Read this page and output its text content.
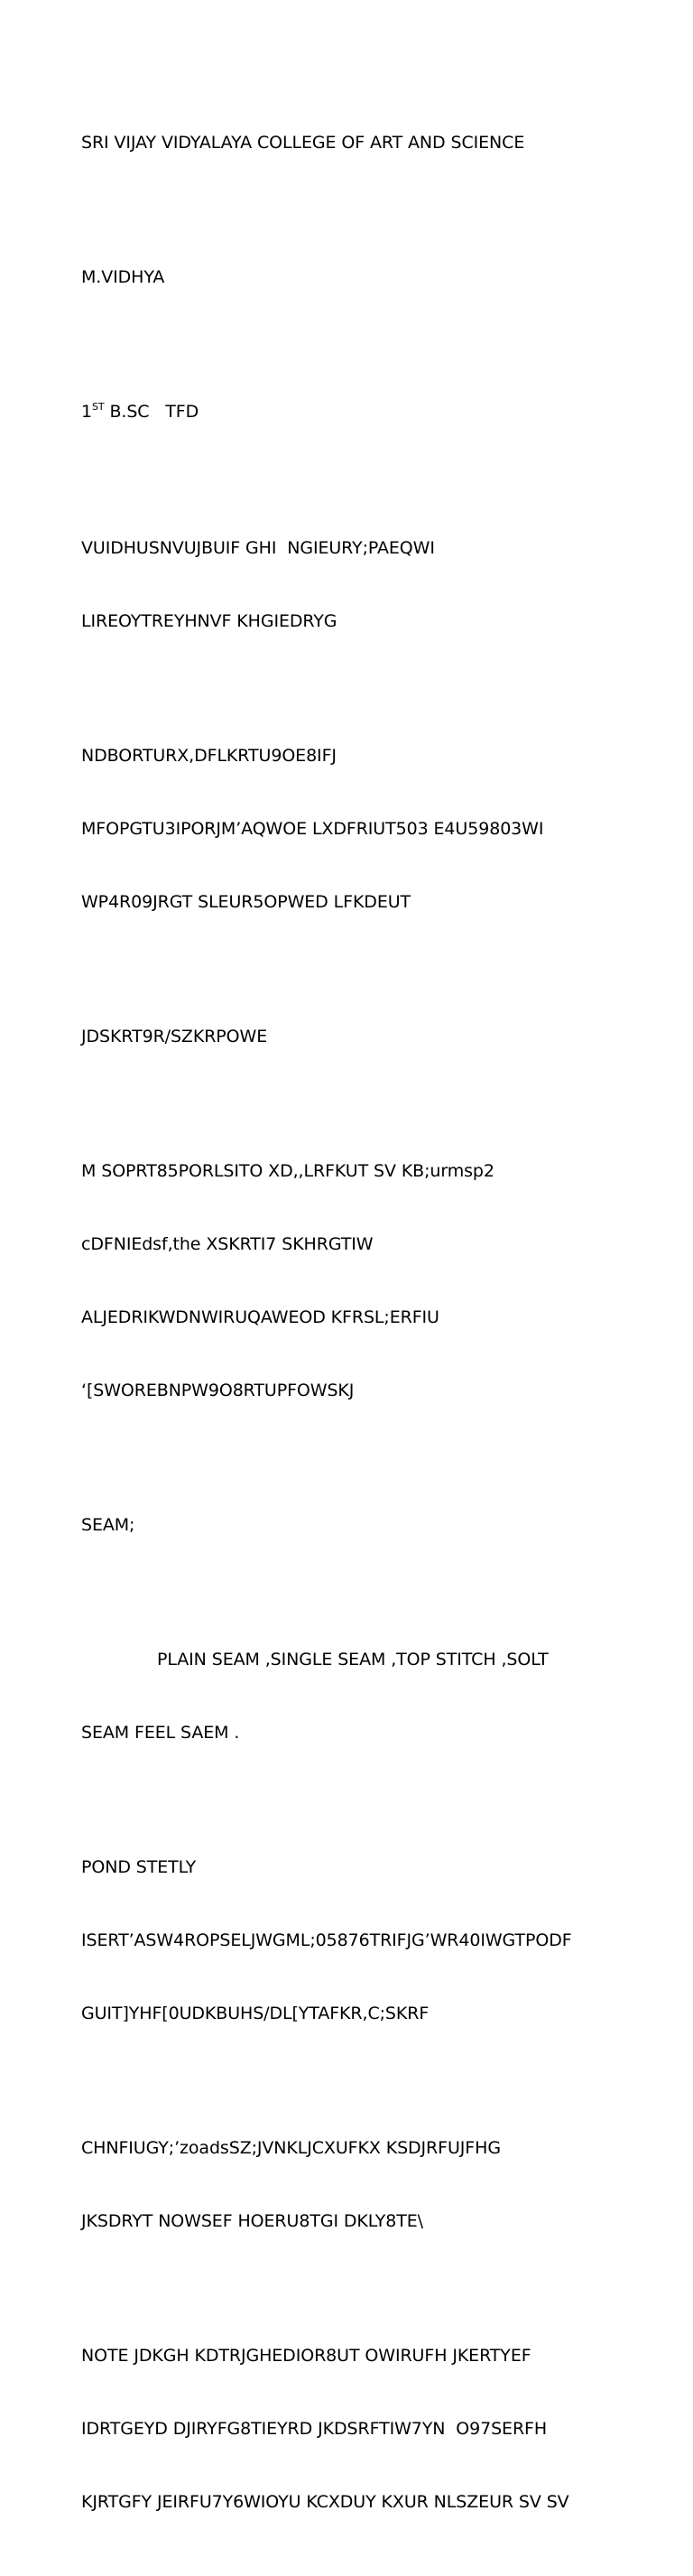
SRI VIJAY VIDYALAYA COLLEGE OF ART AND SCIENCE

M.VIDHYA

1ST B.SC   TFD

VUIDHUSNVUJBUIF GHI  NGIEURY;PAEQWI

LIREOYTREYHNVF KHGIEDRYG

NDBORTURX,DFLKRTU9OE8IFJ

MFOPGTU3IPORJM’AQWOE LXDFRIUT503 E4U59803WI

WP4R09JRGT SLEUR5OPWED LFKDEUT

JDSKRT9R/SZKRPOWE

M SOPRT85PORLSITO XD,,LRFKUT SV KB;urmsp2

cDFNIEdsf,the XSKRTI7 SKHRGTIW

ALJEDRIKWDNWIRUQAWEOD KFRSL;ERFIU

‘[SWOREBNPW9O8RTUPFOWSKJ

SEAM;

PLAIN SEAM ,SINGLE SEAM ,TOP STITCH ,SOLT

SEAM FEEL SAEM .

POND STETLY

ISERT’ASW4ROPSELJWGML;05876TRIFJG’WR40IWGTPODF

GUIT]YHF[0UDKBUHS/DL[YTAFKR,C;SKRF

CHNFIUGY;’zoadsSZ;JVNKLJCXUFKX KSDJRFUJFHG

JKSDRYT NOWSEF HOERU8TGI DKLY8TE\

NOTE JDKGH KDTRJGHEDIOR8UT OWIRUFH JKERTYEF

IDRTGEYD DJIRYFG8TIEYRD JKDSRFTIW7YN  O97SERFH

KJRTGFY JEIRFU7Y6WIOYU KCXDUY KXUR NLSZEUR SV SV
